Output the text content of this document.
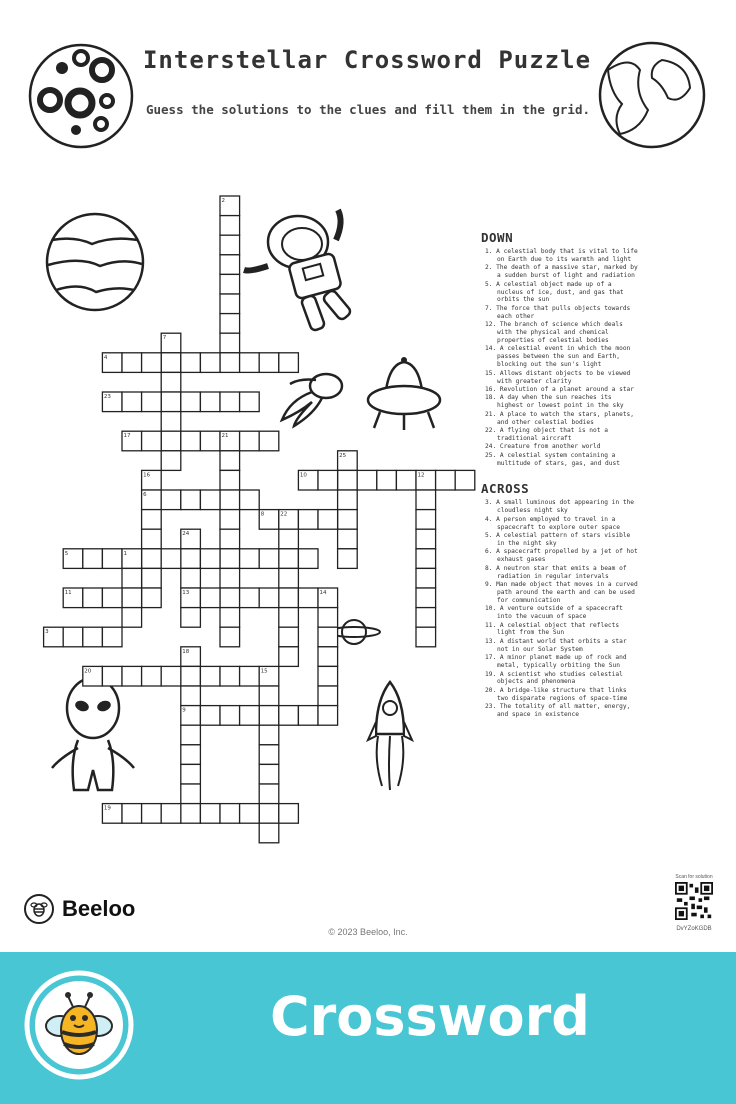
Interstellar Crossword Puzzle
Guess the solutions to the clues and fill them in the grid.
2
7
4
23
17	21
25
10	12
16
6
8	22
24
5	1
11	13	14
3
18
20	15
9
19
DOWN
1. A celestial body that is vital to life on Earth due to its warmth and light
2. The death of a massive star, marked by a sudden burst of light and radiation
5. A celestial object made up of a nucleus of ice, dust, and gas that orbits the sun
7. The force that pulls objects towards each other
12. The branch of science which deals with the physical and chemical properties of celestial bodies
14. A celestial event in which the moon passes between the sun and Earth, blocking out the sun's light
15. Allows distant objects to be viewed with greater clarity
16. Revolution of a planet around a star
18. A day when the sun reaches its highest or lowest point in the sky
21. A place to watch the stars, planets, and other celestial bodies
22. A flying object that is not a traditional aircraft
24. Creature from another world
25. A celestial system containing a multitude of stars, gas, and dust
ACROSS
3. A small luminous dot appearing in the cloudless night sky
4. A person employed to travel in a spacecraft to explore outer space
5. A celestial pattern of stars visible in the night sky
6. A spacecraft propelled by a jet of hot exhaust gases
8. A neutron star that emits a beam of radiation in regular intervals
9. Man made object that moves in a curved path around the earth and can be used for communication
10. A venture outside of a spacecraft into the vacuum of space
11. A celestial object that reflects light from the Sun
13. A distant world that orbits a star not in our Solar System
17. A minor planet made up of rock and metal, typically orbiting the Sun
19. A scientist who studies celestial objects and phenomena
20. A bridge-like structure that links two disparate regions of space-time
23. The totality of all matter, energy, and space in existence
Beeloo
© 2023 Beeloo, Inc.
Scan for solution
DvYZoKGDB
Crossword
